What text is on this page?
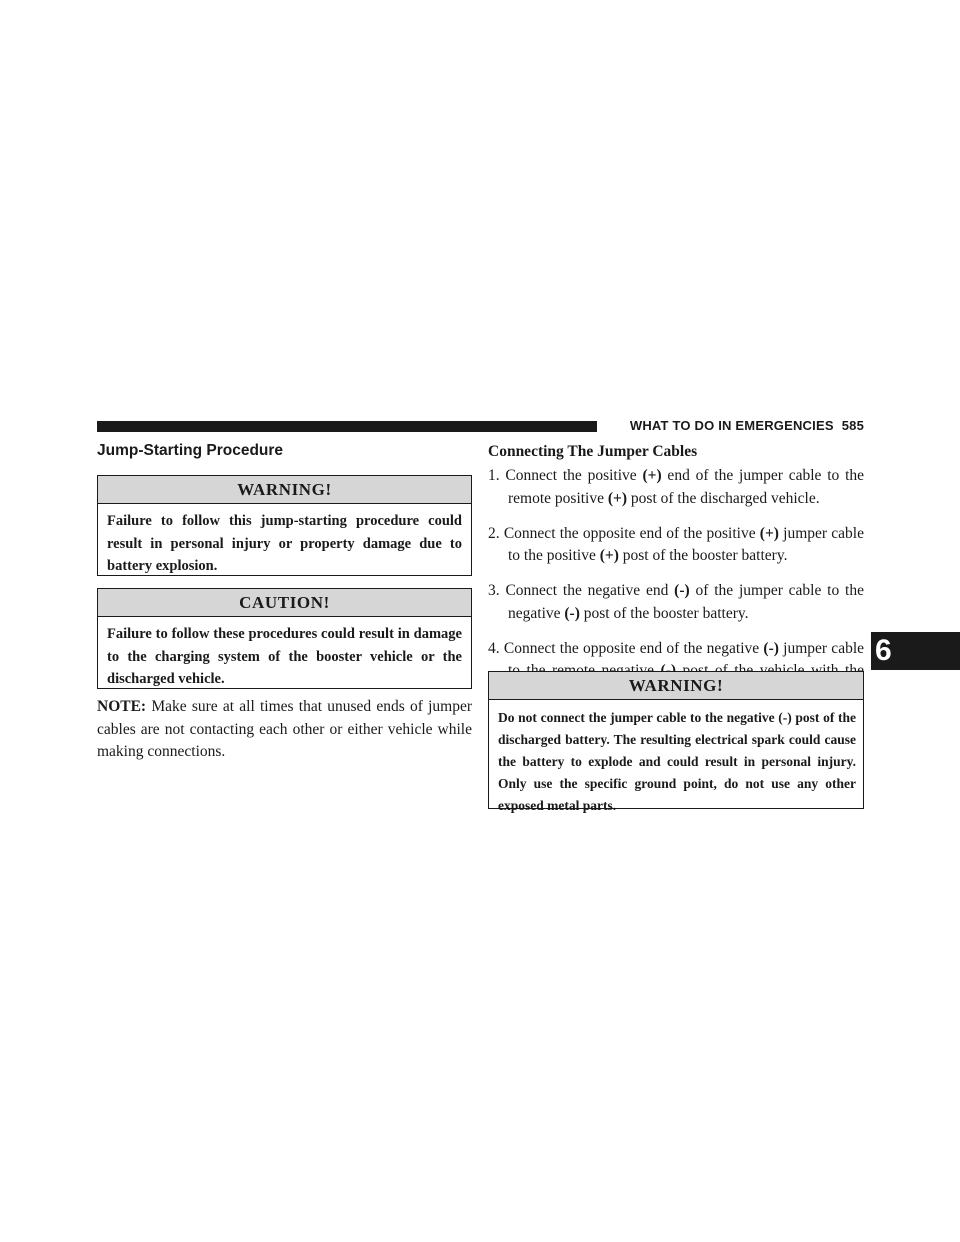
WHAT TO DO IN EMERGENCIES 585
Jump-Starting Procedure
WARNING!
Failure to follow this jump-starting procedure could result in personal injury or property damage due to battery explosion.
CAUTION!
Failure to follow these procedures could result in damage to the charging system of the booster vehicle or the discharged vehicle.

NOTE: Make sure at all times that unused ends of jumper cables are not contacting each other or either vehicle while making connections.

Connecting The Jumper Cables
1. Connect the positive (+) end of the jumper cable to the remote positive (+) post of the discharged vehicle.
2. Connect the opposite end of the positive (+) jumper cable to the positive (+) post of the booster battery.
3. Connect the negative end (-) of the jumper cable to the negative (-) post of the booster battery.
4. Connect the opposite end of the negative (-) jumper cable
WARNING!
Do not connect the jumper cable to the negative (-) post of the discharged battery. The resulting electrical spark could cause the battery to explode and could result in personal injury. Only use the specific ground point, do not use any other exposed metal parts.
6
